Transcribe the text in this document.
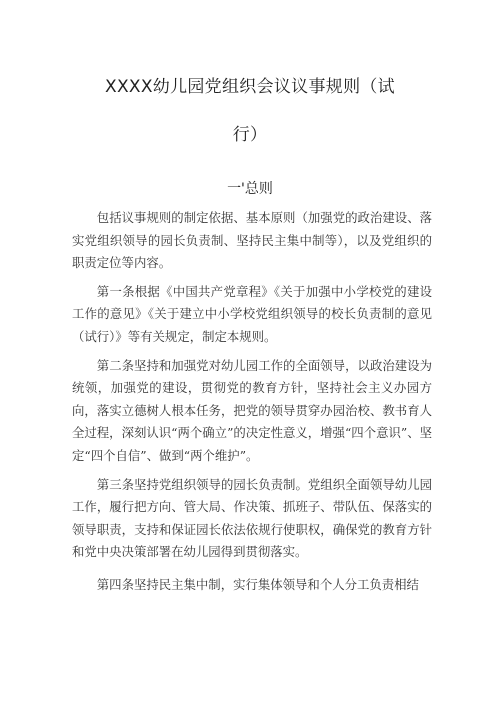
XXXX幼儿园党组织会议议事规则（试
行）
一'总则

包括议事规则的制定依据、基本原则（加强党的政治建设、落实党组织领导的园长负责制、坚持民主集中制等），以及党组织的职责定位等内容。

第一条根据《中国共产党章程》《关于加强中小学校党的建设工作的意见》《关于建立中小学校党组织领导的校长负责制的意见（试行）》等有关规定，制定本规则。

第二条坚持和加强党对幼儿园工作的全面领导，以政治建设为统领，加强党的建设，贯彻党的教育方针，坚持社会主义办园方向，落实立德树人根本任务，把党的领导贯穿办园治校、教书育人全过程，深刻认识“两个确立”的决定性意义，增强“四个意识”、坚定“四个自信”、做到“两个维护”。

第三条坚持党组织领导的园长负责制。党组织全面领导幼儿园工作，履行把方向、管大局、作决策、抓班子、带队伍、保落实的领导职责，支持和保证园长依法依规行使职权，确保党的教育方针和党中央决策部署在幼儿园得到贯彻落实。

第四条坚持民主集中制，实行集体领导和个人分工负责相结
